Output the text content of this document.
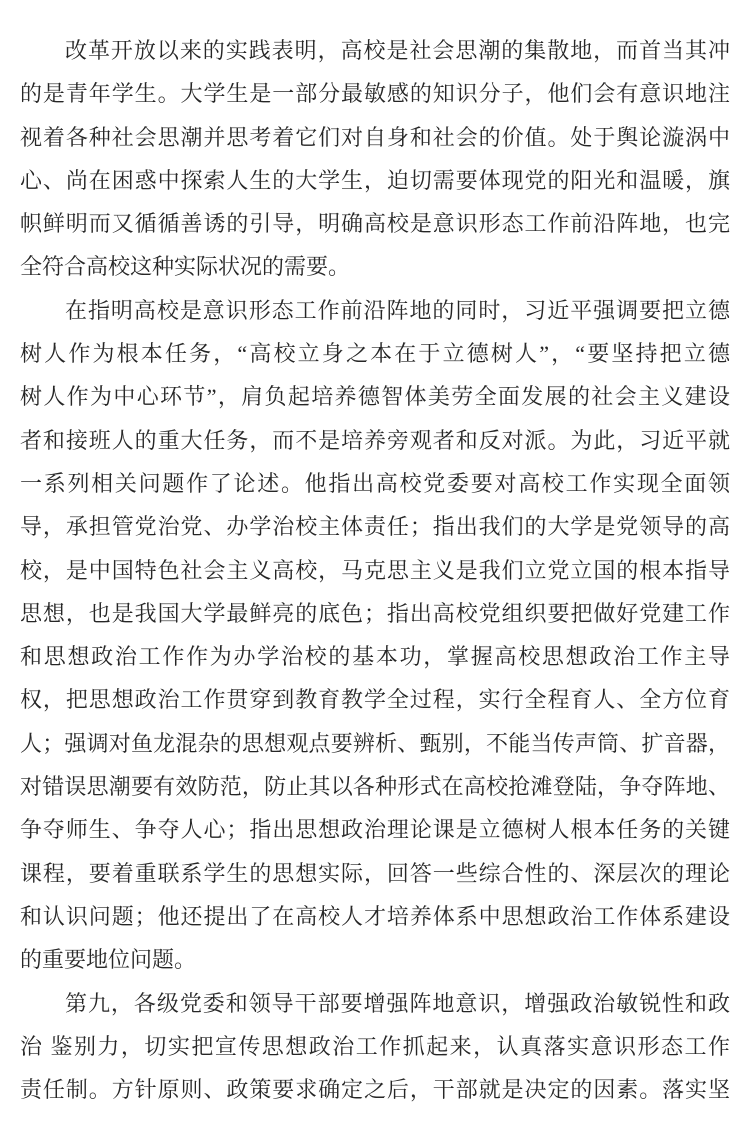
改革开放以来的实践表明，高校是社会思潮的集散地，而首当其冲
的是青年学生。大学生是一部分最敏感的知识分子，他们会有意识地注
视着各种社会思潮并思考着它们对自身和社会的价值。处于舆论漩涡中
心、尚在困惑中探索人生的大学生，迫切需要体现党的阳光和温暖，旗
帜鲜明而又循循善诱的引导，明确高校是意识形态工作前沿阵地，也完
全符合高校这种实际状况的需要。
在指明高校是意识形态工作前沿阵地的同时，习近平强调要把立德
树人作为根本任务，“高校立身之本在于立德树人”，“要坚持把立德
树人作为中心环节”，肩负起培养德智体美劳全面发展的社会主义建设
者和接班人的重大任务，而不是培养旁观者和反对派。为此，习近平就
一系列相关问题作了论述。他指出高校党委要对高校工作实现全面领
导，承担管党治党、办学治校主体责任；指出我们的大学是党领导的高
校，是中国特色社会主义高校，马克思主义是我们立党立国的根本指导
思想，也是我国大学最鲜亮的底色；指出高校党组织要把做好党建工作
和思想政治工作作为办学治校的基本功，掌握高校思想政治工作主导
权，把思想政治工作贯穿到教育教学全过程，实行全程育人、全方位育
人；强调对鱼龙混杂的思想观点要辨析、甄别，不能当传声筒、扩音器，
对错误思潮要有效防范，防止其以各种形式在高校抢滩登陆，争夺阵地、
争夺师生、争夺人心；指出思想政治理论课是立德树人根本任务的关键
课程，要着重联系学生的思想实际，回答一些综合性的、深层次的理论
和认识问题；他还提出了在高校人才培养体系中思想政治工作体系建设
的重要地位问题。
第九，各级党委和领导干部要增强阵地意识，增强政治敏锐性和政
治 鉴别力，切实把宣传思想政治工作抓起来，认真落实意识形态工作
责任制。方针原则、政策要求确定之后，干部就是决定的因素。落实坚
